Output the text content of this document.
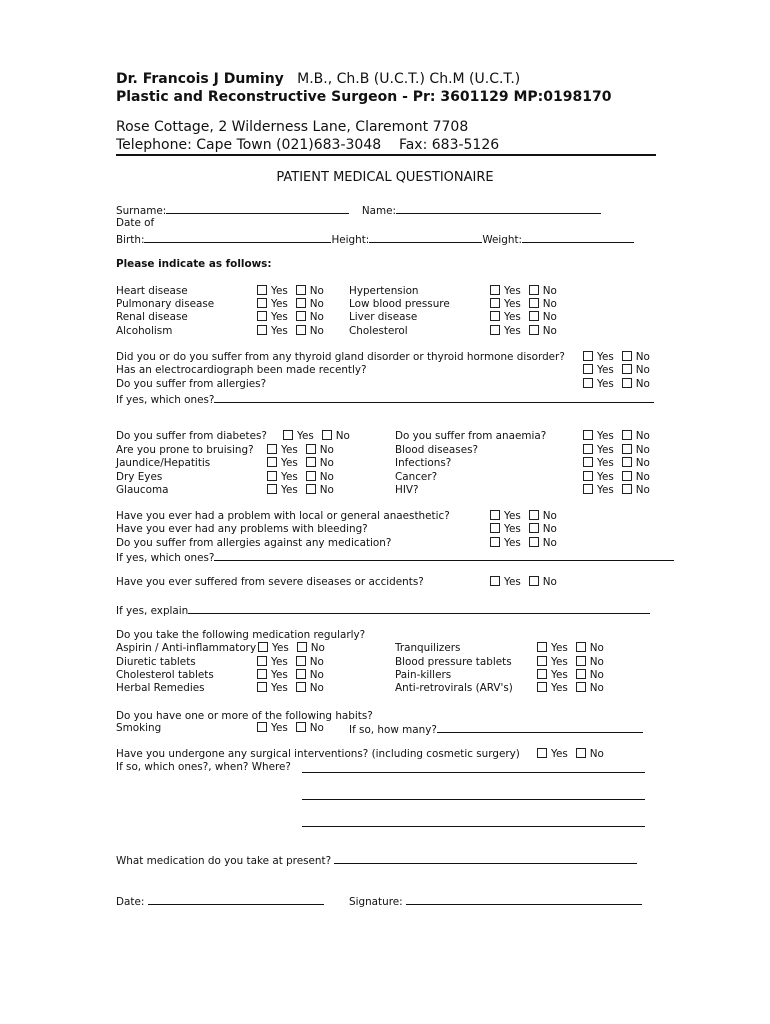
Dr. Francois J Duminy M.B., Ch.B (U.C.T.) Ch.M (U.C.T.)
Plastic and Reconstructive Surgeon - Pr: 3601129 MP:0198170
Rose Cottage, 2 Wilderness Lane, Claremont 7708
Telephone: Cape Town (021)683-3048 Fax: 683-5126
PATIENT MEDICAL QUESTIONAIRE
Surname:	Name:
Date of
Birth:	Height:	Weight:
Please indicate as follows:
Heart disease	Yes No Hypertension	Yes No
Pulmonary disease	Yes No Low blood pressure	Yes No
Renal disease	Yes No Liver disease	Yes No
Alcoholism	Yes No Cholesterol	Yes No
Did you or do you suffer from any thyroid gland disorder or thyroid hormone disorder?	Yes No
Has an electrocardiograph been made recently?	Yes No
Do you suffer from allergies?	Yes No
Do you suffer from diabetes?	Yes No	Do you suffer from anaemia?	Yes No
Are you prone to bruising?	Yes No	Blood diseases?	Yes No
Jaundice/Hepatitis	Yes No	Infections?	Yes No
Dry Eyes	Yes No	Cancer?	Yes No
Glaucoma	Yes No	HIV?	Yes No
Have you ever had a problem with local or general anaesthetic?	Yes No
Have you ever had any problems with bleeding?	Yes No
Do you suffer from allergies against any medication?	Yes No
Have you ever suffered from severe diseases or accidents?	Yes No
Do you take the following medication regularly?
Aspirin / Anti-inflammatory	Yes No	Tranquilizers	Yes No
Diuretic tablets	Yes No	Blood pressure tablets	Yes No
Cholesterol tablets	Yes No	Pain-killers	Yes No
Herbal Remedies	Yes No	Anti-retrovirals (ARV's)	Yes No
Smoking	Yes No If so, how many?
Have you undergone any surgical interventions? (including cosmetic surgery)	Yes No
If yes, which ones?
If yes, which ones?
If yes, explain
Do you have one or more of the following habits?
If so, which ones?, when? Where?
What medication do you take at present?
Date:	Signature:
